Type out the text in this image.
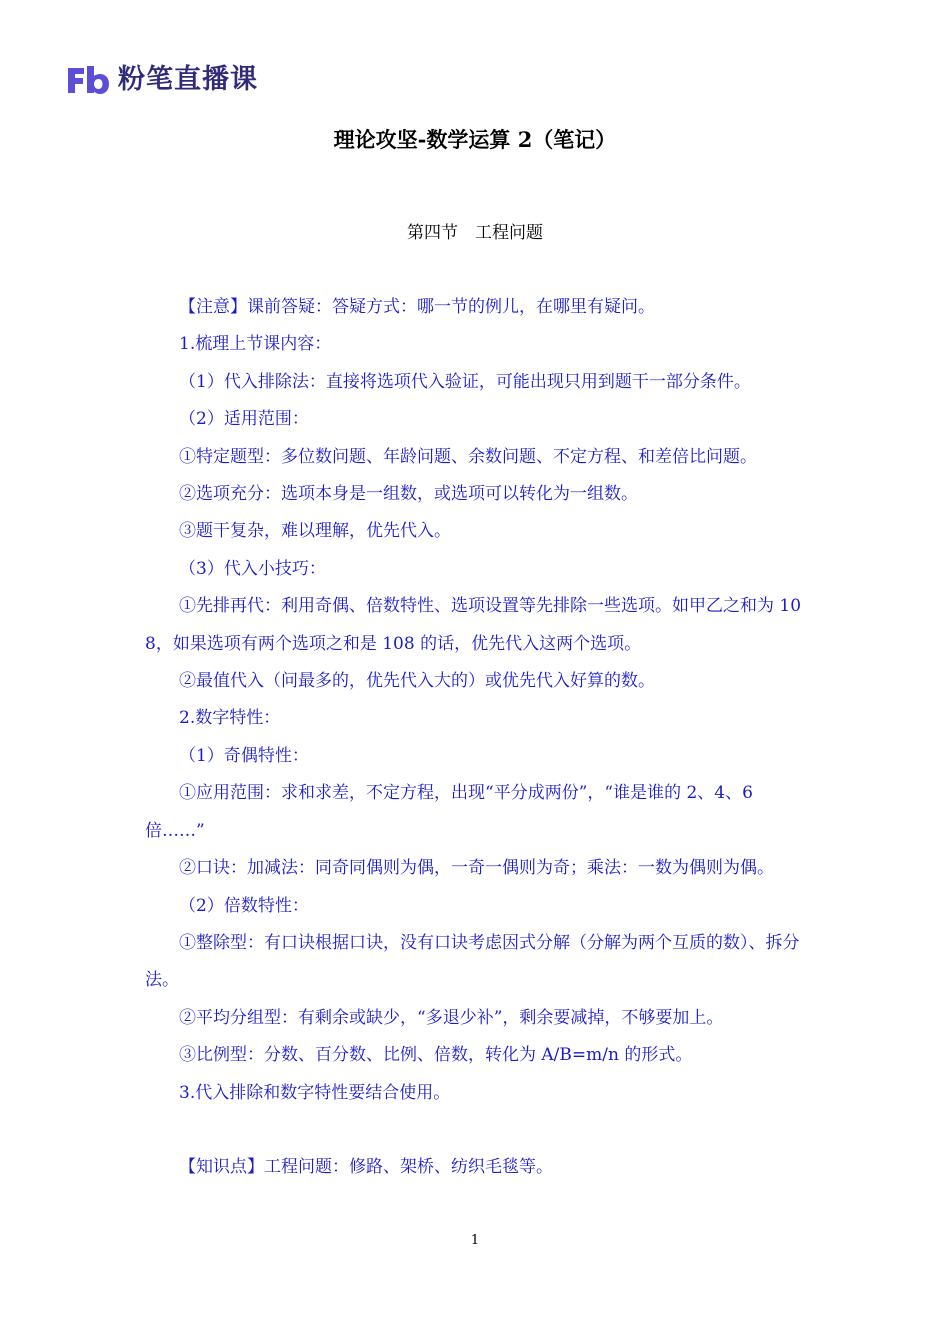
粉笔直播课
理论攻坚-数学运算 2（笔记）
第四节　工程问题

【注意】课前答疑：答疑方式：哪一节的例儿，在哪里有疑问。

1.梳理上节课内容：

（1）代入排除法：直接将选项代入验证，可能出现只用到题干一部分条件。

（2）适用范围：

①特定题型：多位数问题、年龄问题、余数问题、不定方程、和差倍比问题。

②选项充分：选项本身是一组数，或选项可以转化为一组数。

③题干复杂，难以理解，优先代入。

（3）代入小技巧：

①先排再代：利用奇偶、倍数特性、选项设置等先排除一些选项。如甲乙之和为 108，如果选项有两个选项之和是 108 的话，优先代入这两个选项。

②最值代入（问最多的，优先代入大的）或优先代入好算的数。

2.数字特性：

（1）奇偶特性：

①应用范围：求和求差，不定方程，出现“平分成两份”，“谁是谁的 2、4、6 倍……”

②口诀：加减法：同奇同偶则为偶，一奇一偶则为奇；乘法：一数为偶则为偶。

（2）倍数特性：

①整除型：有口诀根据口诀，没有口诀考虑因式分解（分解为两个互质的数）、拆分法。

②平均分组型：有剩余或缺少，“多退少补”，剩余要减掉，不够要加上。

③比例型：分数、百分数、比例、倍数，转化为 A/B=m/n 的形式。

3.代入排除和数字特性要结合使用。

【知识点】工程问题：修路、架桥、纺织毛毯等。

1
